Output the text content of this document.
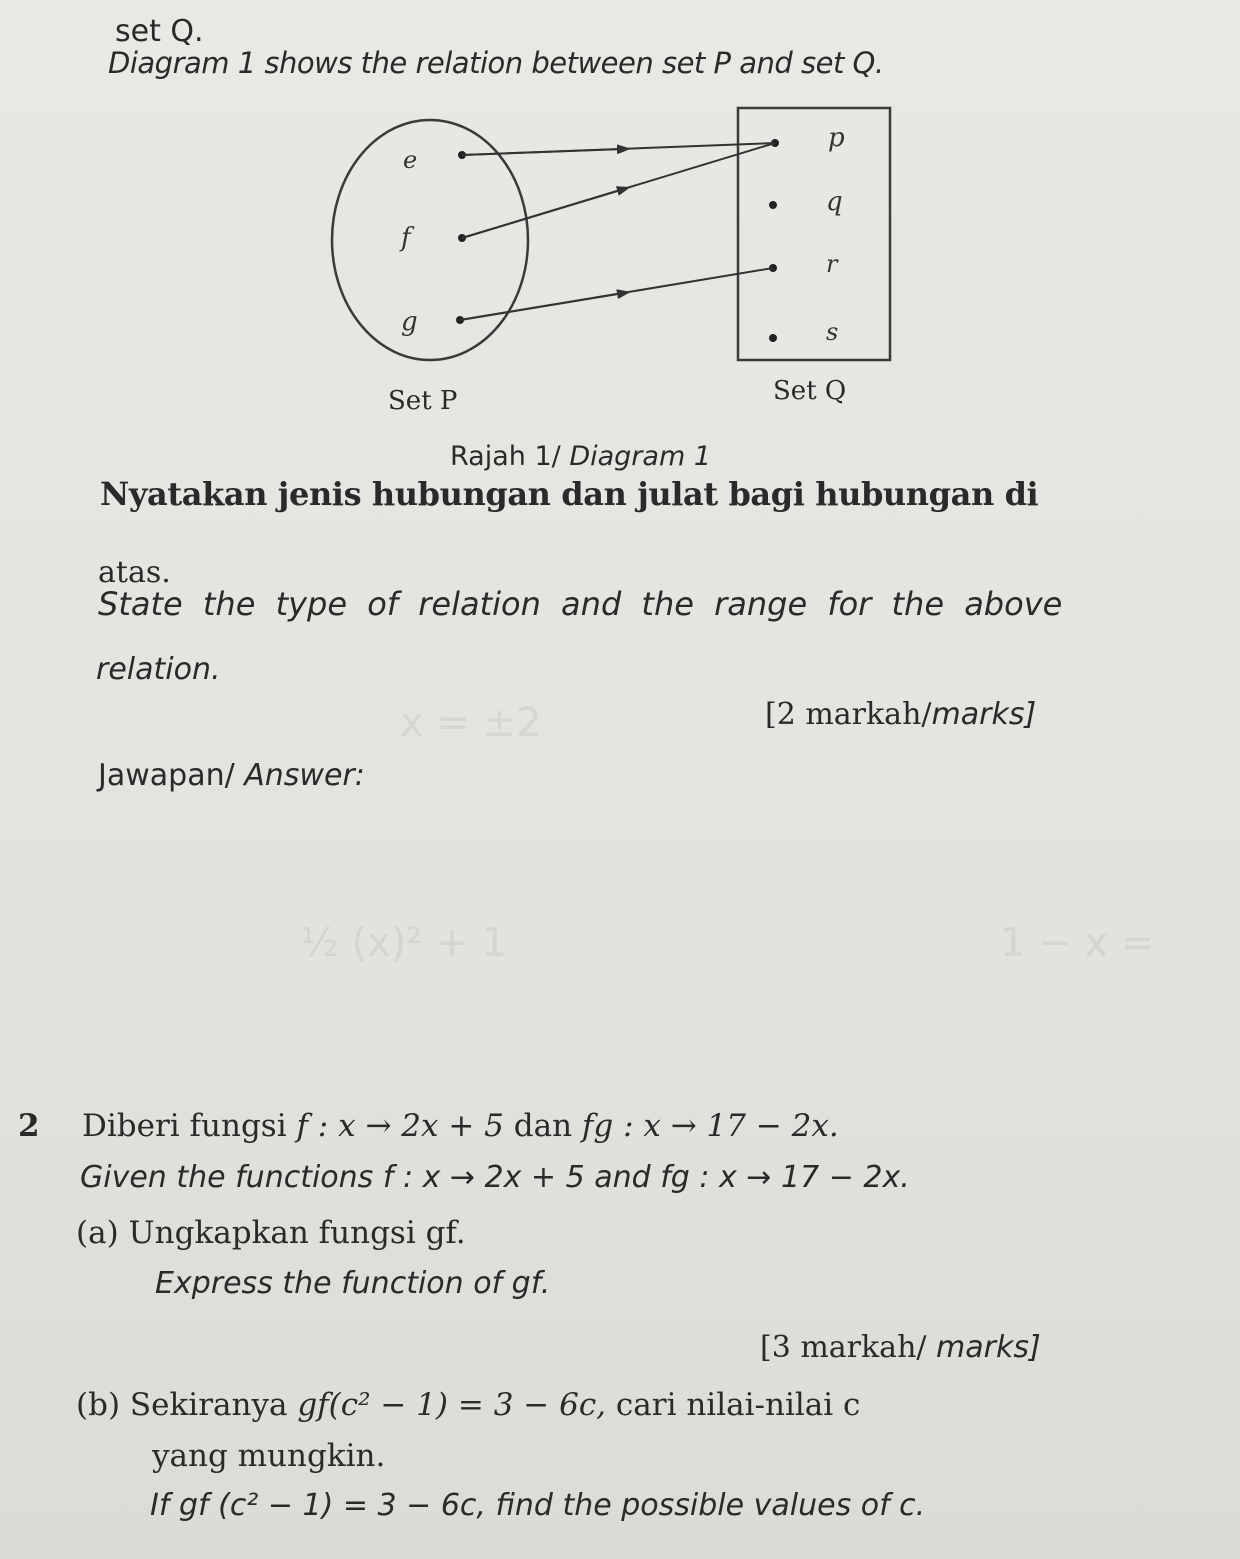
set Q.
Diagram 1 shows the relation between set P and set Q.
e
f
g
p
q
r
s
Set P	Set Q
Rajah 1/ Diagram 1
Nyatakan jenis hubungan dan julat bagi hubungan di
atas.
State the type of relation and the range for the above
relation.
[2 markah/marks]
Jawapan/ Answer:
x = ±2
½ (x)² + 1	1 − x =
2 Diberi fungsi f : x → 2x + 5 dan fg : x → 17 − 2x.
Given the functions f : x → 2x + 5 and fg : x → 17 − 2x.
(a) Ungkapkan fungsi gf.
Express the function of gf.
[3 markah/ marks]
(b) Sekiranya gf(c² − 1) = 3 − 6c, cari nilai-nilai c
yang mungkin.
If gf (c² − 1) = 3 − 6c, find the possible values of c.
